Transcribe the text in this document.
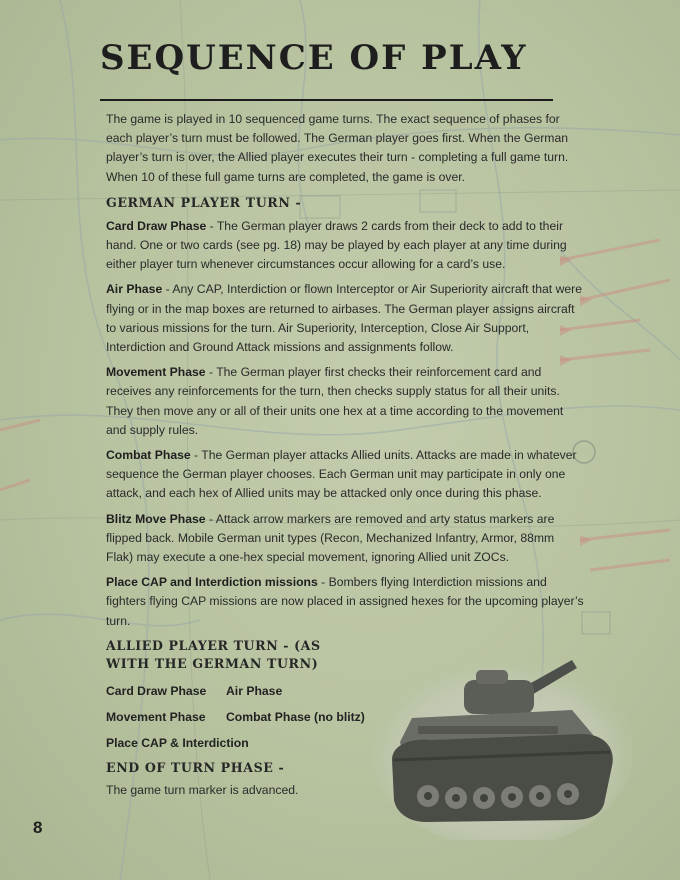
SEQUENCE OF PLAY

The game is played in 10 sequenced game turns. The exact sequence of phases for each player’s turn must be followed. The German player goes first. When the German player’s turn is over, the Allied player executes their turn - completing a full game turn. When 10 of these full game turns are completed, the game is over.

GERMAN PLAYER TURN -

Card Draw Phase - The German player draws 2 cards from their deck to add to their hand. One or two cards (see pg. 18) may be played by each player at any time during either player turn whenever circumstances occur allowing for a card’s use.

Air Phase - Any CAP, Interdiction or flown Interceptor or Air Superiority aircraft that were flying or in the map boxes are returned to airbases. The German player assigns aircraft to various missions for the turn. Air Superiority, Interception, Close Air Support, Interdiction and Ground Attack missions and assignments follow.

Movement Phase - The German player first checks their reinforcement card and receives any reinforcements for the turn, then checks supply status for all their units. They then move any or all of their units one hex at a time according to the movement and supply rules.

Combat Phase - The German player attacks Allied units. Attacks are made in whatever sequence the German player chooses. Each German unit may participate in only one attack, and each hex of Allied units may be attacked only once during this phase.

Blitz Move Phase - Attack arrow markers are removed and arty status markers are flipped back. Mobile German unit types (Recon, Mechanized Infantry, Armor, 88mm Flak) may execute a one-hex special movement, ignoring Allied unit ZOCs.

Place CAP and Interdiction missions - Bombers flying Interdiction missions and fighters flying CAP missions are now placed in assigned hexes for the upcoming player’s turn.

ALLIED PLAYER TURN - (AS WITH THE GERMAN TURN)
Card Draw Phase	Air Phase
Movement Phase	Combat Phase (no blitz)
Place CAP & Interdiction
END OF TURN PHASE -

The game turn marker is advanced.

8
